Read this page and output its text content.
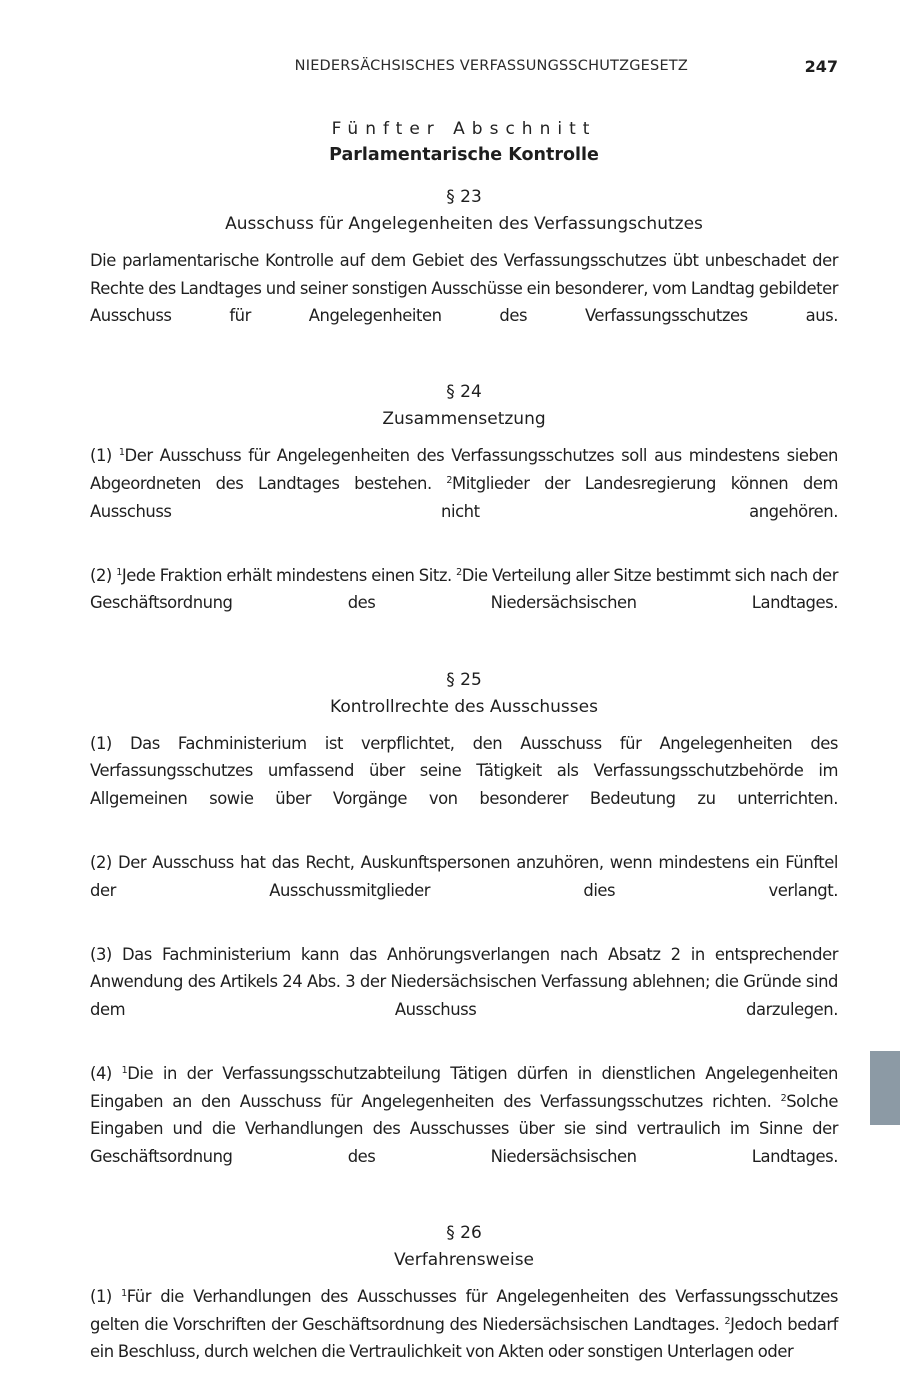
NIEDERSÄCHSISCHES VERFASSUNGSSCHUTZGESETZ	247

Fünfter Abschnitt

Parlamentarische Kontrolle

§ 23

Ausschuss für Angelegenheiten des Verfassungschutzes

Die parlamentarische Kontrolle auf dem Gebiet des Verfassungsschutzes übt unbeschadet der Rechte des Landtages und seiner sonstigen Ausschüsse ein besonderer, vom Landtag gebildeter Ausschuss für Angelegenheiten des Verfassungsschutzes aus.

§ 24

Zusammensetzung

(1) $^1$Der Ausschuss für Angelegenheiten des Verfassungsschutzes soll aus mindestens sieben Abgeordneten des Landtages bestehen. $^2$Mitglieder der Landesregierung können dem Ausschuss nicht angehören.

(2) $^1$Jede Fraktion erhält mindestens einen Sitz. $^2$Die Verteilung aller Sitze bestimmt sich nach der Geschäftsordnung des Niedersächsischen Landtages.

§ 25

Kontrollrechte des Ausschusses

(1) Das Fachministerium ist verpflichtet, den Ausschuss für Angelegenheiten des Verfassungsschutzes umfassend über seine Tätigkeit als Verfassungsschutzbehörde im Allgemeinen sowie über Vorgänge von besonderer Bedeutung zu unterrichten.

(2) Der Ausschuss hat das Recht, Auskunftspersonen anzuhören, wenn mindestens ein Fünftel der Ausschussmitglieder dies verlangt.

(3) Das Fachministerium kann das Anhörungsverlangen nach Absatz 2 in entsprechender Anwendung des Artikels 24 Abs. 3 der Niedersächsischen Verfassung ablehnen; die Gründe sind dem Ausschuss darzulegen.

(4) $^1$Die in der Verfassungsschutzabteilung Tätigen dürfen in dienstlichen Angelegenheiten Eingaben an den Ausschuss für Angelegenheiten des Verfassungsschutzes richten. $^2$Solche Eingaben und die Verhandlungen des Ausschusses über sie sind vertraulich im Sinne der Geschäftsordnung des Niedersächsischen Landtages.

§ 26

Verfahrensweise

(1) $^1$Für die Verhandlungen des Ausschusses für Angelegenheiten des Verfassungsschutzes gelten die Vorschriften der Geschäftsordnung des Niedersächsischen Landtages. $^2$Jedoch bedarf ein Beschluss, durch welchen die Vertraulichkeit von Akten oder sonstigen Unterlagen oder
